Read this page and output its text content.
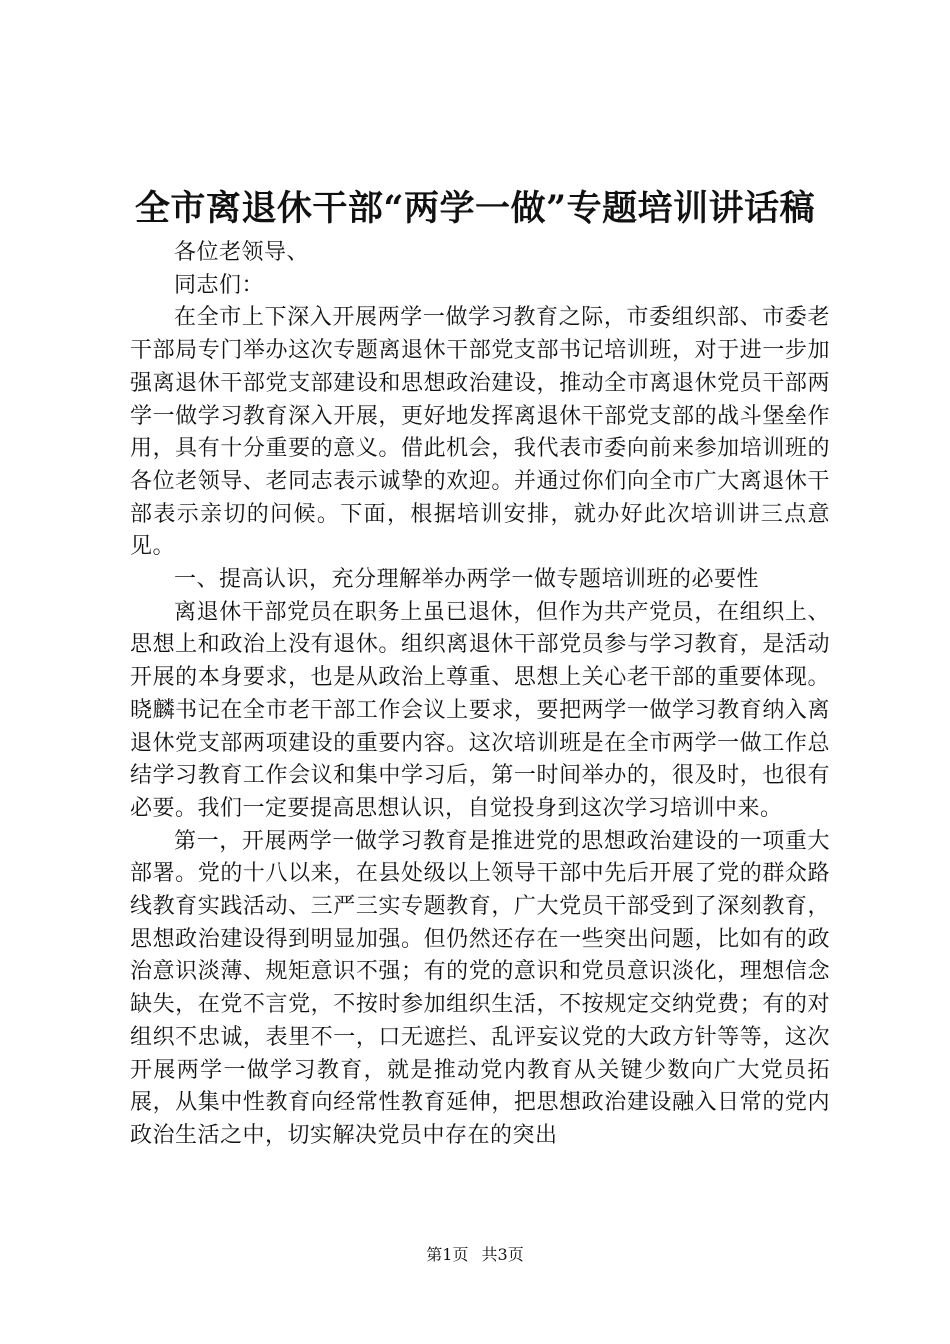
全市离退休干部“两学一做”专题培训讲话稿

各位老领导、

同志们：

在全市上下深入开展两学一做学习教育之际，市委组织部、市委老干部局专门举办这次专题离退休干部党支部书记培训班，对于进一步加强离退休干部党支部建设和思想政治建设，推动全市离退休党员干部两学一做学习教育深入开展，更好地发挥离退休干部党支部的战斗堡垒作用，具有十分重要的意义。借此机会，我代表市委向前来参加培训班的各位老领导、老同志表示诚挚的欢迎。并通过你们向全市广大离退休干部表示亲切的问候。下面，根据培训安排，就办好此次培训讲三点意见。

一、提高认识，充分理解举办两学一做专题培训班的必要性

离退休干部党员在职务上虽已退休，但作为共产党员，在组织上、思想上和政治上没有退休。组织离退休干部党员参与学习教育，是活动开展的本身要求，也是从政治上尊重、思想上关心老干部的重要体现。晓麟书记在全市老干部工作会议上要求，要把两学一做学习教育纳入离退休党支部两项建设的重要内容。这次培训班是在全市两学一做工作总结学习教育工作会议和集中学习后，第一时间举办的，很及时，也很有必要。我们一定要提高思想认识，自觉投身到这次学习培训中来。

第一，开展两学一做学习教育是推进党的思想政治建设的一项重大部署。党的十八以来，在县处级以上领导干部中先后开展了党的群众路线教育实践活动、三严三实专题教育，广大党员干部受到了深刻教育，思想政治建设得到明显加强。但仍然还存在一些突出问题，比如有的政治意识淡薄、规矩意识不强；有的党的意识和党员意识淡化，理想信念缺失，在党不言党，不按时参加组织生活，不按规定交纳党费；有的对组织不忠诚，表里不一，口无遮拦、乱评妄议党的大政方针等等，这次开展两学一做学习教育，就是推动党内教育从关键少数向广大党员拓展，从集中性教育向经常性教育延伸，把思想政治建设融入日常的党内政治生活之中，切实解决党员中存在的突出

第1页 共3页
